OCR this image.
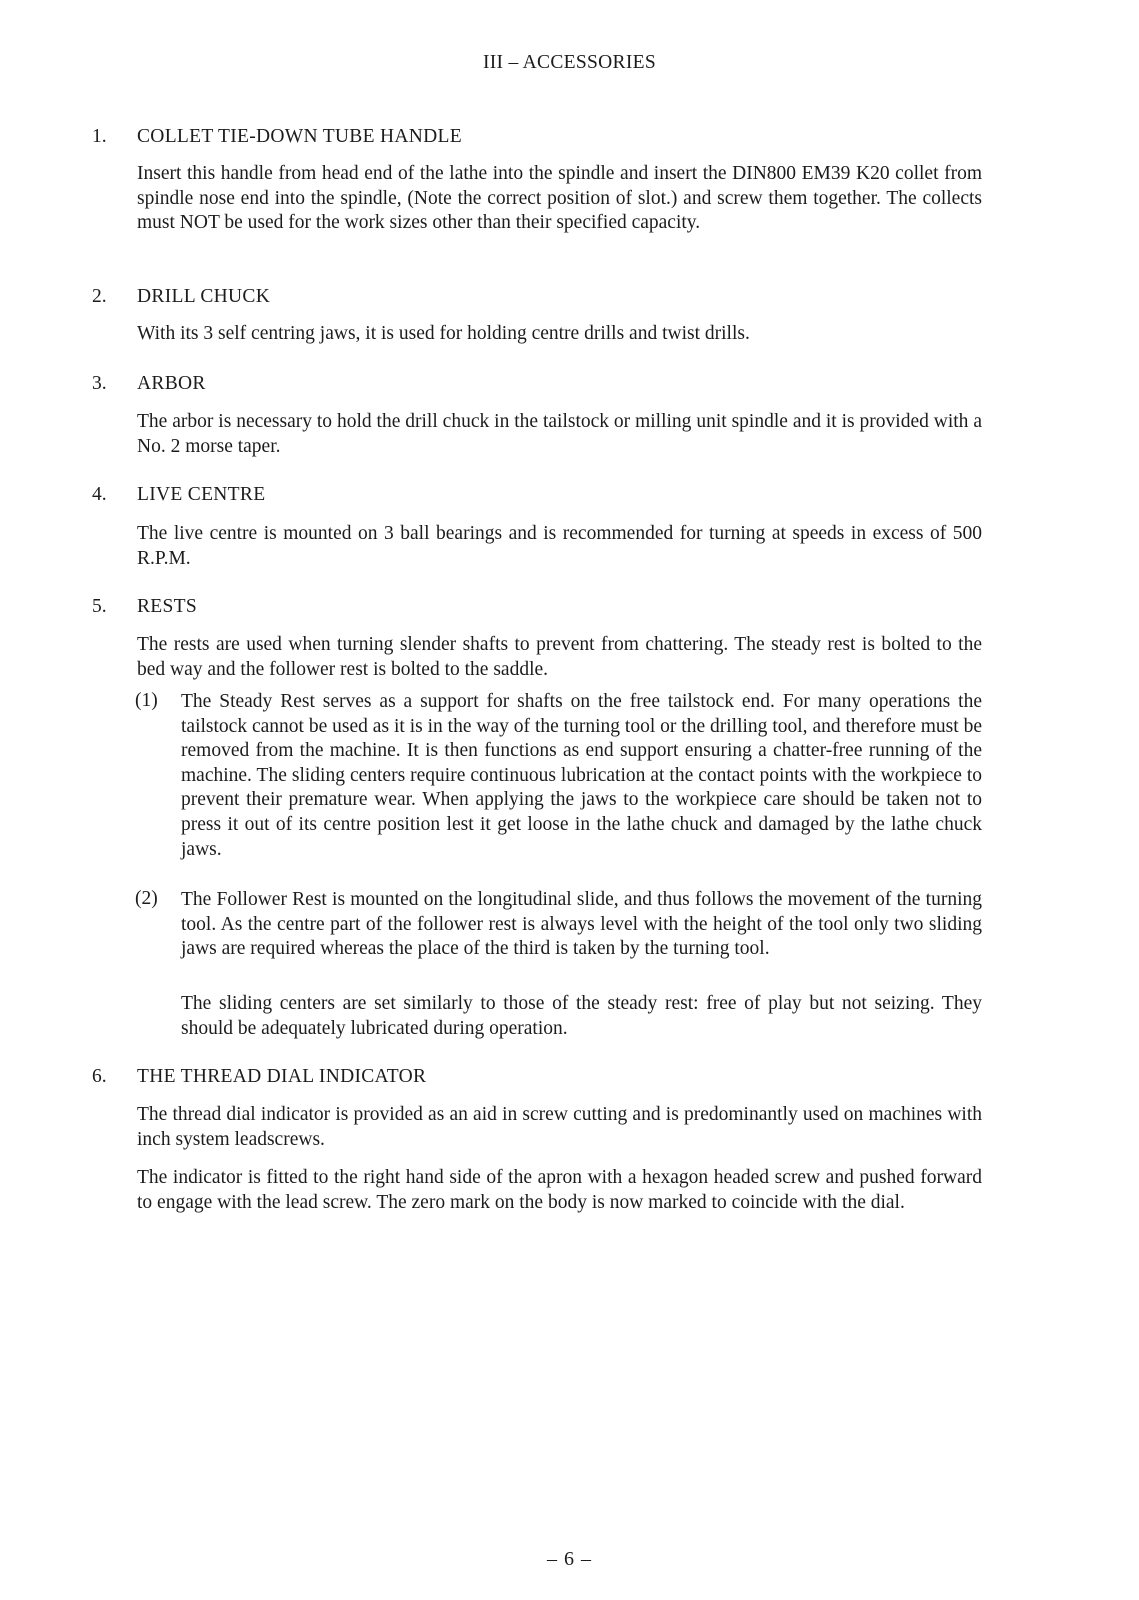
III – ACCESSORIES
1. COLLET TIE-DOWN TUBE HANDLE

Insert this handle from head end of the lathe into the spindle and insert the DIN800 EM39 K20 collet from spindle nose end into the spindle, (Note the correct position of slot.) and screw them together. The collects must NOT be used for the work sizes other than their specified capacity.

2. DRILL CHUCK

With its 3 self centring jaws, it is used for holding centre drills and twist drills.

3. ARBOR

The arbor is necessary to hold the drill chuck in the tailstock or milling unit spindle and it is provided with a No. 2 morse taper.

4. LIVE CENTRE

The live centre is mounted on 3 ball bearings and is recommended for turning at speeds in excess of 500 R.P.M.

5. RESTS

The rests are used when turning slender shafts to prevent from chattering. The steady rest is bolted to the bed way and the follower rest is bolted to the saddle.

(1) The Steady Rest serves as a support for shafts on the free tailstock end. For many operations the tailstock cannot be used as it is in the way of the turning tool or the drilling tool, and therefore must be removed from the machine. It is then functions as end support ensuring a chatter-free running of the machine. The sliding centers require continuous lubrication at the contact points with the workpiece to prevent their premature wear. When applying the jaws to the workpiece care should be taken not to press it out of its centre position lest it get loose in the lathe chuck and damaged by the lathe chuck jaws.

(2) The Follower Rest is mounted on the longitudinal slide, and thus follows the movement of the turning tool. As the centre part of the follower rest is always level with the height of the tool only two sliding jaws are required whereas the place of the third is taken by the turning tool.

The sliding centers are set similarly to those of the steady rest: free of play but not seizing. They should be adequately lubricated during operation.

6. THE THREAD DIAL INDICATOR

The thread dial indicator is provided as an aid in screw cutting and is predominantly used on machines with inch system leadscrews.

The indicator is fitted to the right hand side of the apron with a hexagon headed screw and pushed forward to engage with the lead screw. The zero mark on the body is now marked to coincide with the dial.

– 6 –
